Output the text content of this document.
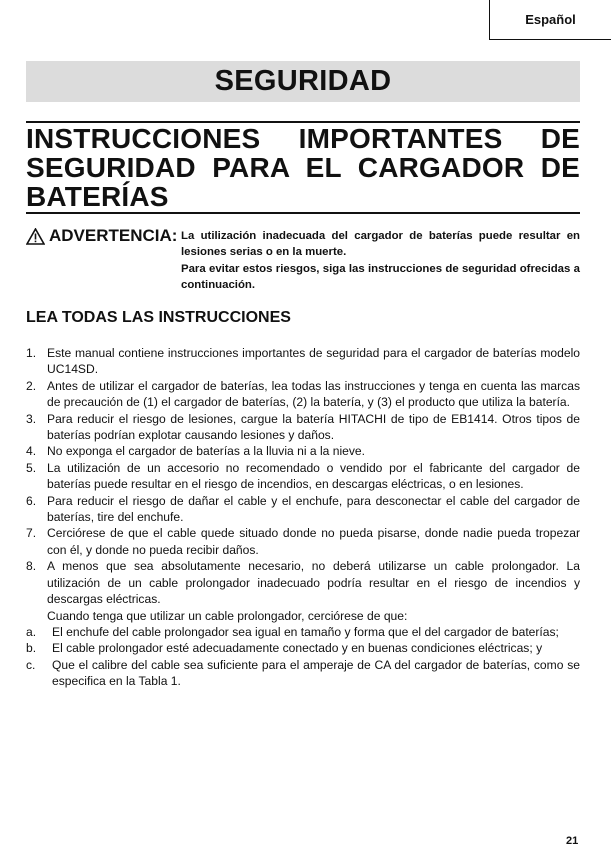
Español
SEGURIDAD
INSTRUCCIONES IMPORTANTES DE
SEGURIDAD PARA EL CARGADOR DE
BATERÍAS
ADVERTENCIA: La utilización inadecuada del cargador de baterías puede resultar en lesiones serias o en la muerte.

Para evitar estos riesgos, siga las instrucciones de seguridad ofrecidas a continuación.

LEA TODAS LAS INSTRUCCIONES
1. Este manual contiene instrucciones importantes de seguridad para el cargador de baterías modelo UC14SD.
2. Antes de utilizar el cargador de baterías, lea todas las instrucciones y tenga en cuenta las marcas de precaución de (1) el cargador de baterías, (2) la batería, y (3) el producto que utiliza la batería.
3. Para reducir el riesgo de lesiones, cargue la batería HITACHI de tipo de EB1414. Otros tipos de baterías podrían explotar causando lesiones y daños.
4. No exponga el cargador de baterías a la lluvia ni a la nieve.
5. La utilización de un accesorio no recomendado o vendido por el fabricante del cargador de baterías puede resultar en el riesgo de incendios, en descargas eléctricas, o en lesiones.
6. Para reducir el riesgo de dañar el cable y el enchufe, para desconectar el cable del cargador de baterías, tire del enchufe.
7. Cerciórese de que el cable quede situado donde no pueda pisarse, donde nadie pueda tropezar con él, y donde no pueda recibir daños.
8. A menos que sea absolutamente necesario, no deberá utilizarse un cable prolongador. La utilización de un cable prolongador inadecuado podría resultar en el riesgo de incendios y descargas eléctricas.

Cuando tenga que utilizar un cable prolongador, cerciórese de que:

a.	El enchufe del cable prolongador sea igual en tamaño y forma que el del cargador de baterías;
b.	El cable prolongador esté adecuadamente conectado y en buenas condiciones eléctricas; y
c.	Que el calibre del cable sea suficiente para el amperaje de CA del cargador de baterías, como se especifica en la Tabla 1.
21
